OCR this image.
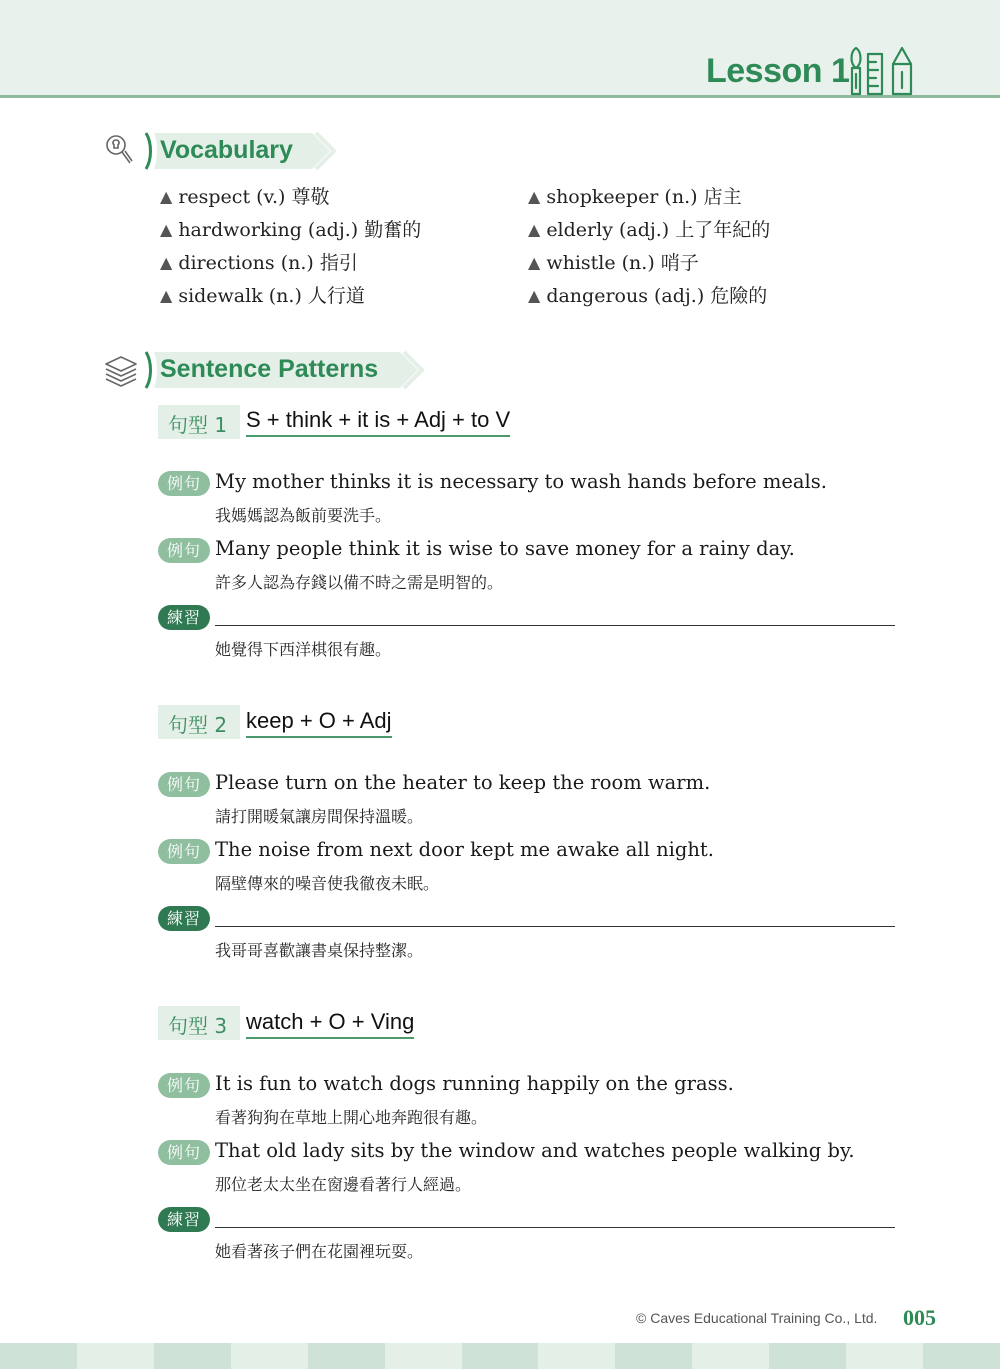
Lesson 1
Vocabulary
▲ respect (v.) 尊敬
▲ hardworking (adj.) 勤奮的
▲ directions (n.) 指引
▲ sidewalk (n.) 人行道
▲ shopkeeper (n.) 店主
▲ elderly (adj.) 上了年紀的
▲ whistle (n.) 哨子
▲ dangerous (adj.) 危險的
Sentence Patterns
句型 1 S + think + it is + Adj + to V
例句 My mother thinks it is necessary to wash hands before meals.
我媽媽認為飯前要洗手。
例句 Many people think it is wise to save money for a rainy day.
許多人認為存錢以備不時之需是明智的。
練習
她覺得下西洋棋很有趣。
句型 2 keep + O + Adj
例句 Please turn on the heater to keep the room warm.
請打開暖氣讓房間保持溫暖。
例句 The noise from next door kept me awake all night.
隔壁傳來的噪音使我徹夜未眠。
練習
我哥哥喜歡讓書桌保持整潔。
句型 3 watch + O + Ving
例句 It is fun to watch dogs running happily on the grass.
看著狗狗在草地上開心地奔跑很有趣。
例句 That old lady sits by the window and watches people walking by.
那位老太太坐在窗邊看著行人經過。
練習
她看著孩子們在花園裡玩耍。
© Caves Educational Training Co., Ltd. 005
